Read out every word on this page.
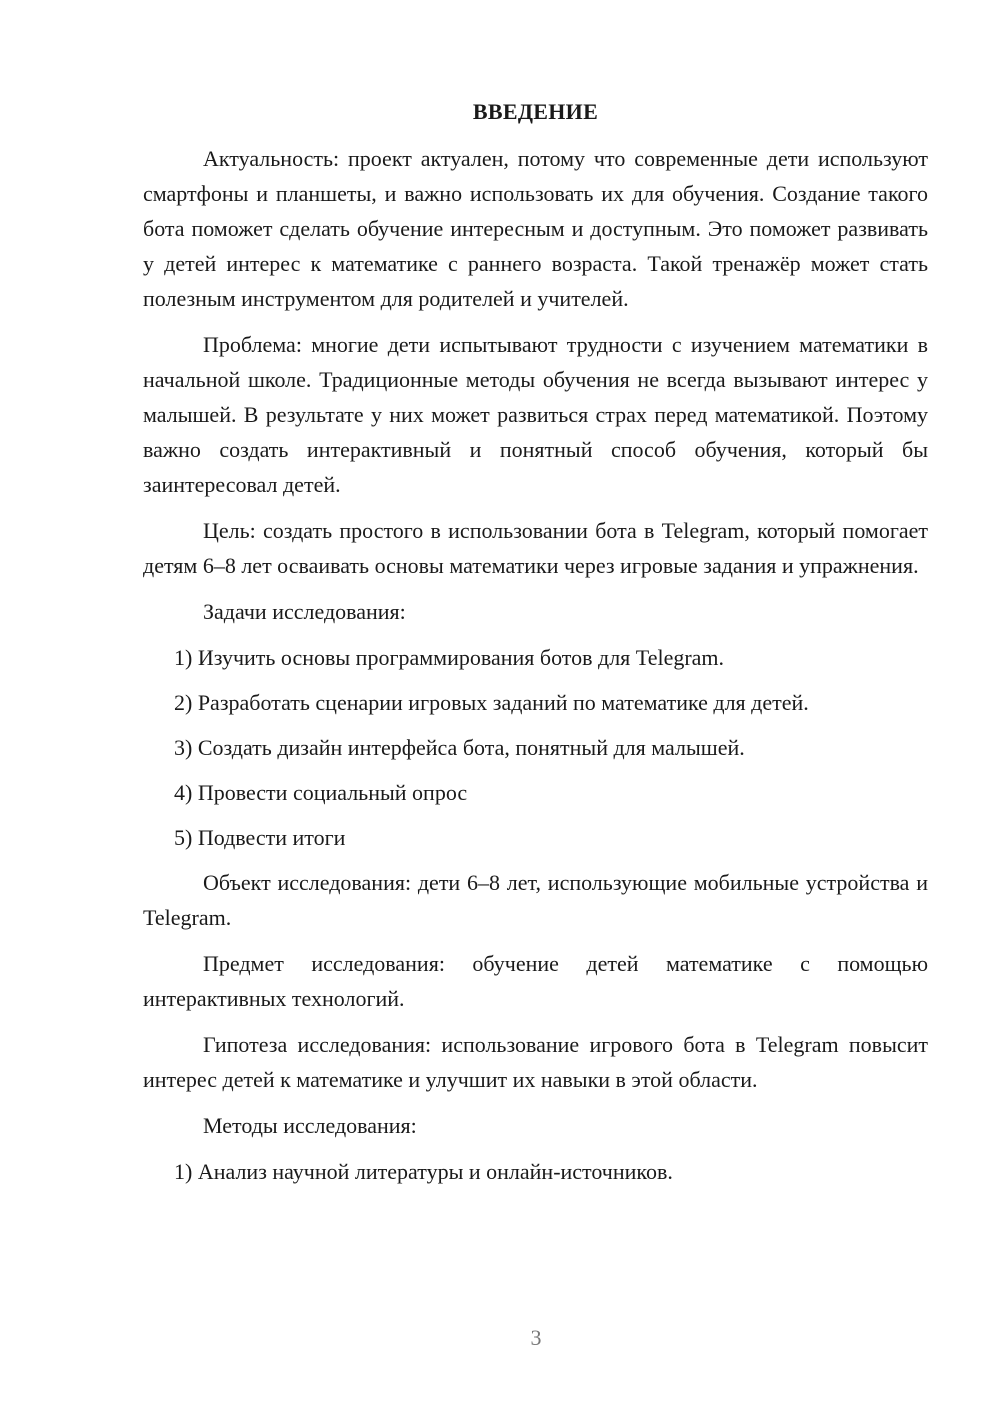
ВВЕДЕНИЕ

Актуальность: проект актуален, потому что современные дети используют смартфоны и планшеты, и важно использовать их для обучения. Создание такого бота поможет сделать обучение интересным и доступным. Это поможет развивать у детей интерес к математике с раннего возраста. Такой тренажёр может стать полезным инструментом для родителей и учителей.

Проблема: многие дети испытывают трудности с изучением математики в начальной школе. Традиционные методы обучения не всегда вызывают интерес у малышей. В результате у них может развиться страх перед математикой. Поэтому важно создать интерактивный и понятный способ обучения, который бы заинтересовал детей.

Цель: создать простого в использовании бота в Telegram, который помогает детям 6–8 лет осваивать основы математики через игровые задания и упражнения.

Задачи исследования:

1) Изучить основы программирования ботов для Telegram.

2) Разработать сценарии игровых заданий по математике для детей.

3) Создать дизайн интерфейса бота, понятный для малышей.

4) Провести социальный опрос

5) Подвести итоги

Объект исследования: дети 6–8 лет, использующие мобильные устройства и Telegram.

Предмет исследования: обучение детей математике с помощью интерактивных технологий.

Гипотеза исследования: использование игрового бота в Telegram повысит интерес детей к математике и улучшит их навыки в этой области.

Методы исследования:

1) Анализ научной литературы и онлайн-источников.

3
